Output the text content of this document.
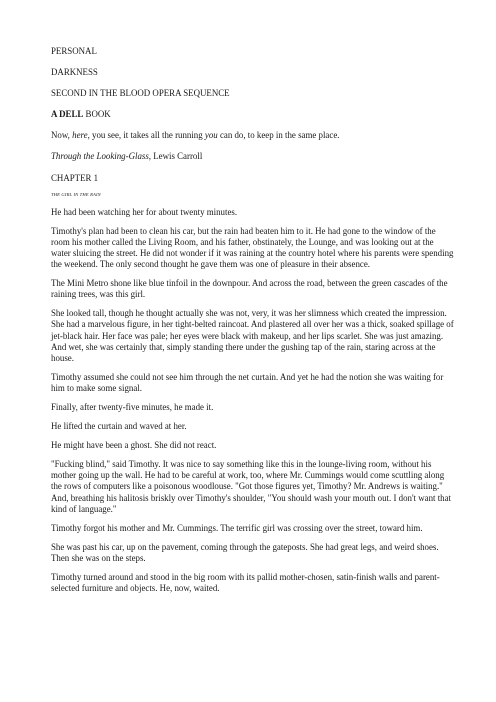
PERSONAL

DARKNESS

SECOND IN THE BLOOD OPERA SEQUENCE

A DELL BOOK

Now, here, you see, it takes all the running you can do, to keep in the same place.

Through the Looking-Glass, Lewis Carroll

CHAPTER 1

THE GIRL IN THE RAIN

He had been watching her for about twenty minutes.

Timothy's plan had been to clean his car, but the rain had beaten him to it. He had gone to the window of the room his mother called the Living Room, and his father, obstinately, the Lounge, and was looking out at the water sluicing the street. He did not wonder if it was raining at the country hotel where his parents were spending the weekend. The only second thought he gave them was one of pleasure in their absence.

The Mini Metro shone like blue tinfoil in the downpour. And across the road, between the green cascades of the raining trees, was this girl.

She looked tall, though he thought actually she was not, very, it was her slimness which created the impression. She had a marvelous figure, in her tight-belted raincoat. And plastered all over her was a thick, soaked spillage of jet-black hair. Her face was pale; her eyes were black with makeup, and her lips scarlet. She was just amazing. And wet, she was certainly that, simply standing there under the gushing tap of the rain, staring across at the house.

Timothy assumed she could not see him through the net curtain. And yet he had the notion she was waiting for him to make some signal.

Finally, after twenty-five minutes, he made it.

He lifted the curtain and waved at her.

He might have been a ghost. She did not react.

"Fucking blind," said Timothy. It was nice to say something like this in the lounge-living room, without his mother going up the wall. He had to be careful at work, too, where Mr. Cummings would come scuttling along the rows of computers like a poisonous woodlouse. "Got those figures yet, Timothy? Mr. Andrews is waiting." And, breathing his halitosis briskly over Timothy's shoulder, "You should wash your mouth out. I don't want that kind of language."

Timothy forgot his mother and Mr. Cummings. The terrific girl was crossing over the street, toward him.

She was past his car, up on the pavement, coming through the gateposts. She had great legs, and weird shoes. Then she was on the steps.

Timothy turned around and stood in the big room with its pallid mother-chosen, satin-finish walls and parent-selected furniture and objects. He, now, waited.
